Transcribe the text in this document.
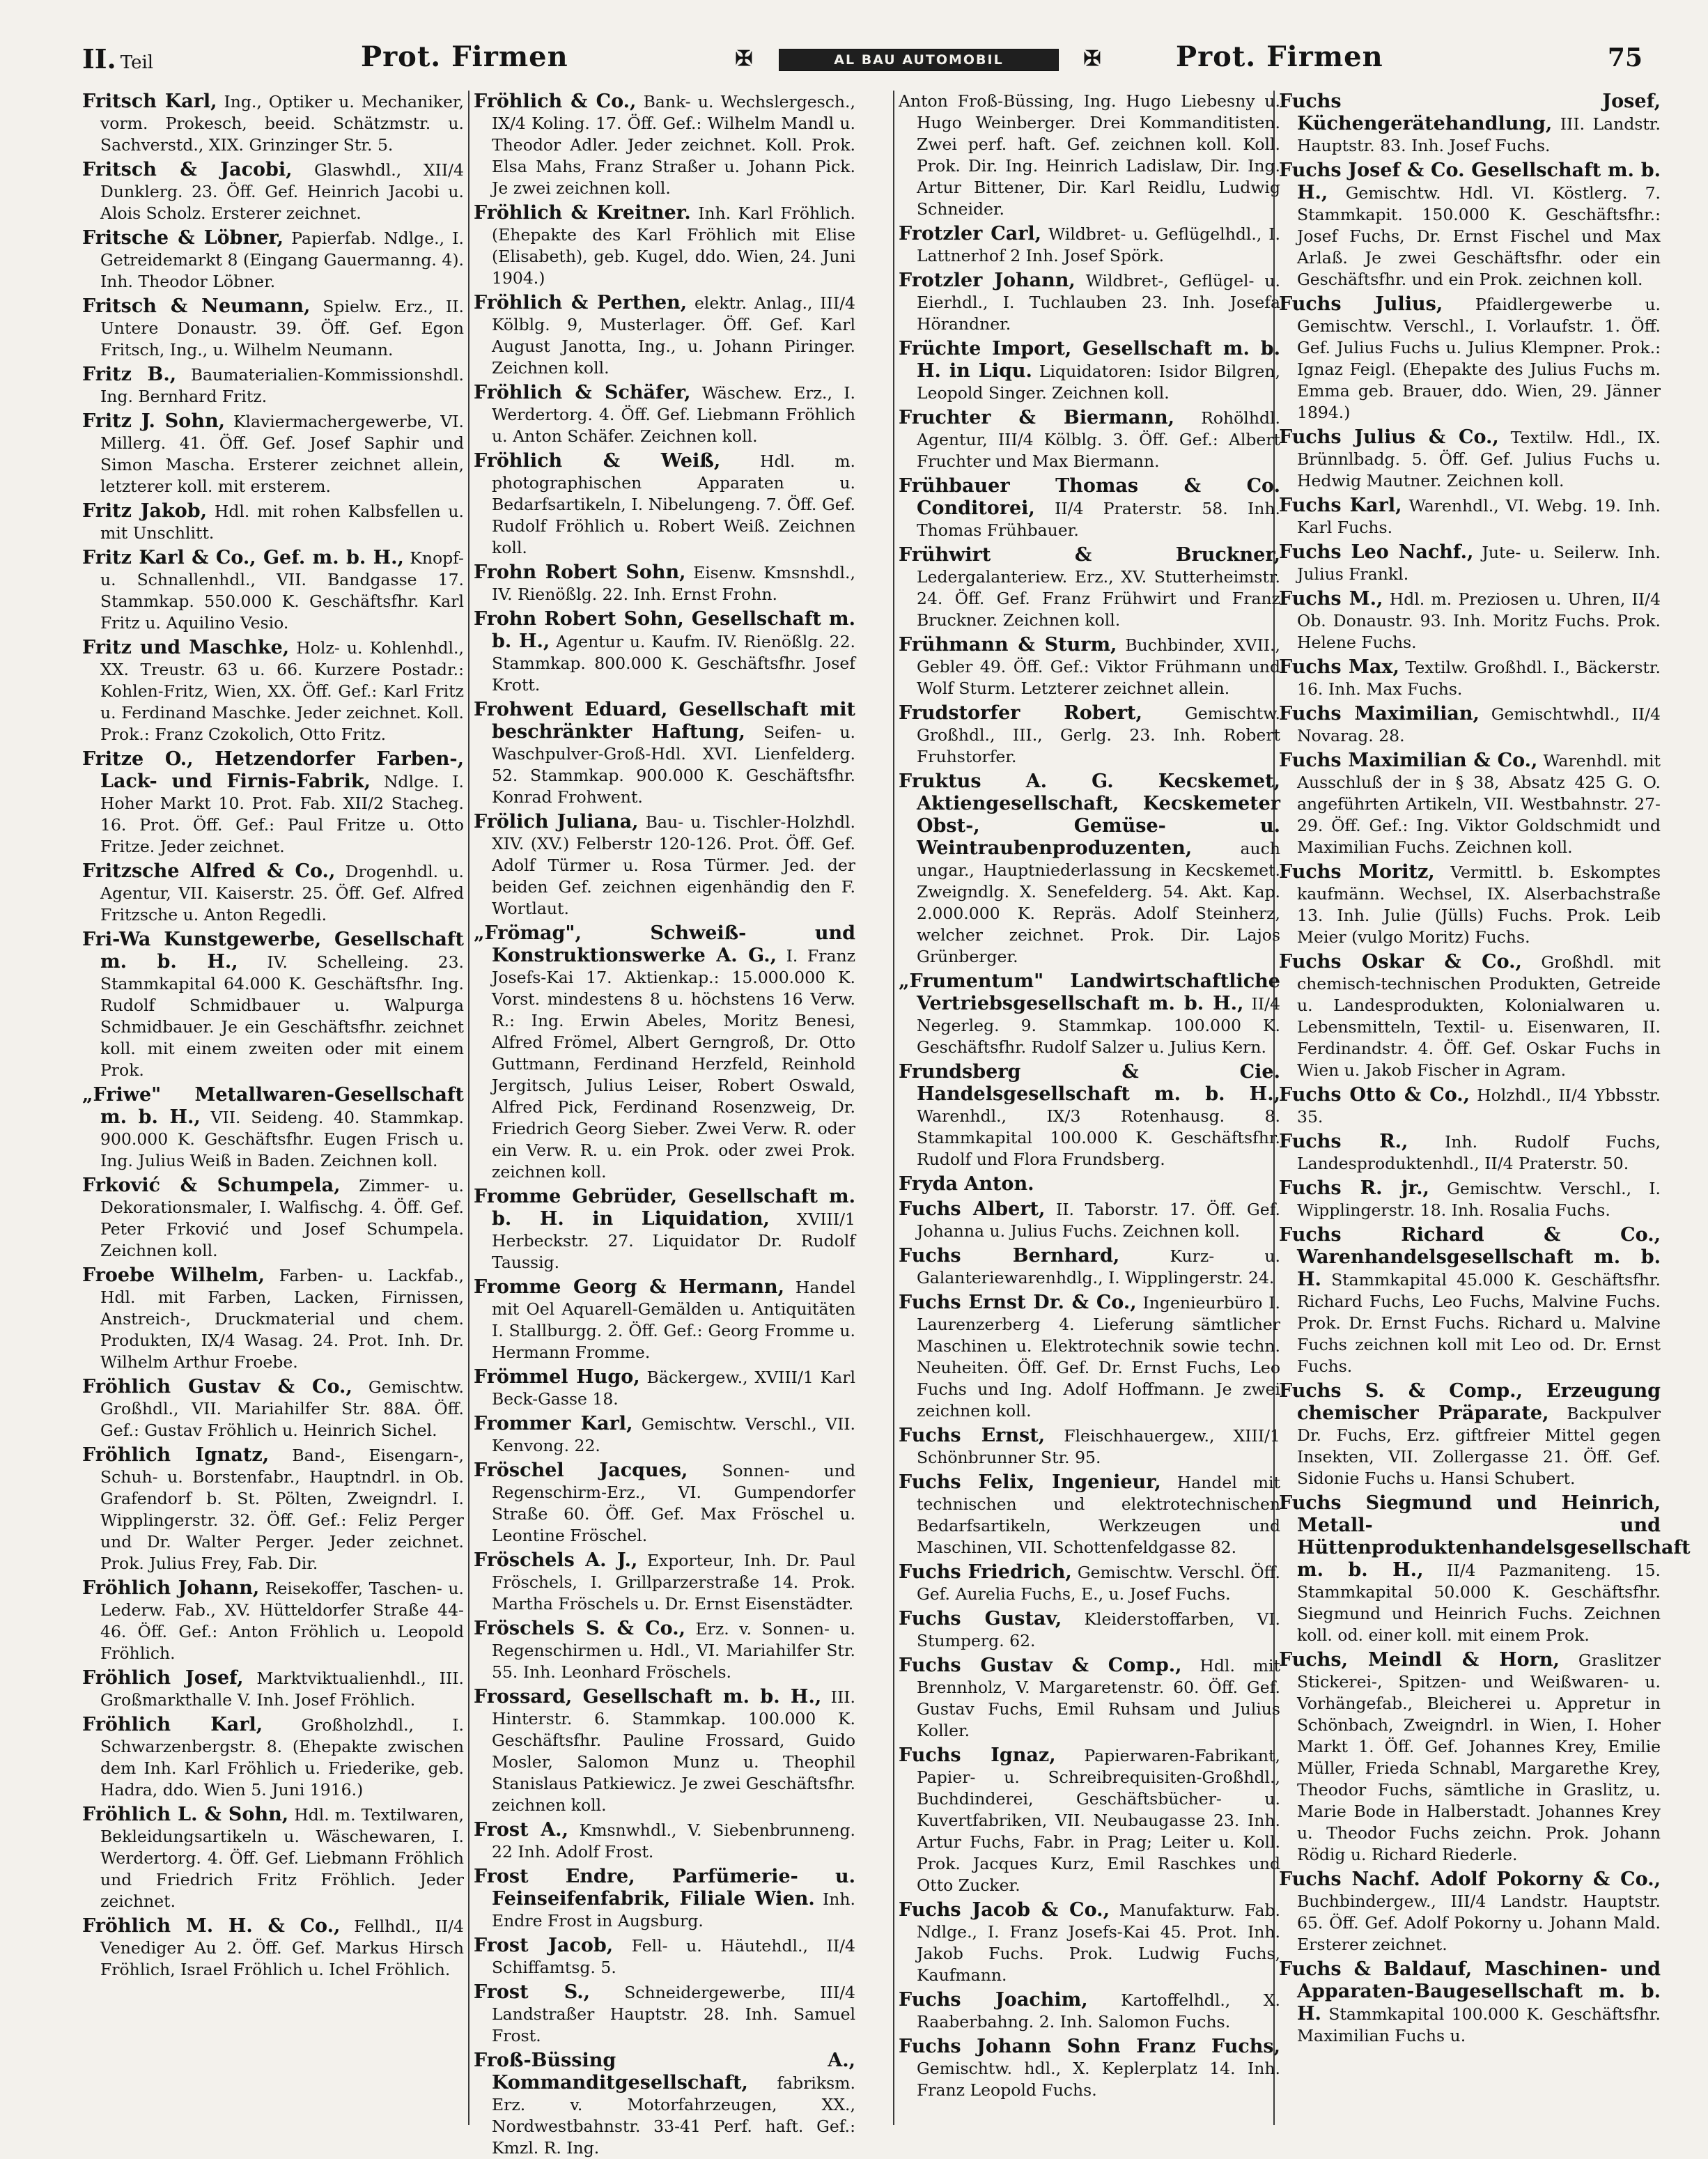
II. Teil	Prot. Firmen	✠	AL BAU AUTOMOBIL KAROSSERIEN
✠	Prot. Firmen	75

Fritsch Karl, Ing., Optiker u. Mechaniker, vorm. Prokesch, beeid. Schätzmstr. u. Sachverstd., XIX. Grinzinger Str. 5.

Fritsch & Jacobi, Glaswhdl., XII/4 Dunklerg. 23. Öff. Gef. Heinrich Jacobi u. Alois Scholz. Ersterer zeichnet.

Fritsche & Löbner, Papierfab. Ndlge., I. Getreidemarkt 8 (Eingang Gauermanng. 4). Inh. Theodor Löbner.

Fritsch & Neumann, Spielw. Erz., II. Untere Donaustr. 39. Öff. Gef. Egon Fritsch, Ing., u. Wilhelm Neumann.

Fritz B., Baumaterialien-Kommissionshdl. Ing. Bernhard Fritz.

Fritz J. Sohn, Klaviermachergewerbe, VI. Millerg. 41. Öff. Gef. Josef Saphir und Simon Mascha. Ersterer zeichnet allein, letzterer koll. mit ersterem.

Fritz Jakob, Hdl. mit rohen Kalbsfellen u. mit Unschlitt.

Fritz Karl & Co., Gef. m. b. H., Knopf- u. Schnallenhdl., VII. Bandgasse 17. Stammkap. 550.000 K. Geschäftsfhr. Karl Fritz u. Aquilino Vesio.

Fritz und Maschke, Holz- u. Kohlenhdl., XX. Treustr. 63 u. 66. Kurzere Postadr.: Kohlen-Fritz, Wien, XX. Öff. Gef.: Karl Fritz u. Ferdinand Maschke. Jeder zeichnet. Koll. Prok.: Franz Czokolich, Otto Fritz.

Fritze O., Hetzendorfer Farben-, Lack- und Firnis-Fabrik, Ndlge. I. Hoher Markt 10. Prot. Fab. XII/2 Stacheg. 16. Prot. Öff. Gef.: Paul Fritze u. Otto Fritze. Jeder zeichnet.

Fritzsche Alfred & Co., Drogenhdl. u. Agentur, VII. Kaiserstr. 25. Öff. Gef. Alfred Fritzsche u. Anton Regedli.

Fri-Wa Kunstgewerbe, Gesellschaft m. b. H., IV. Schelleing. 23. Stammkapital 64.000 K. Geschäftsfhr. Ing. Rudolf Schmidbauer u. Walpurga Schmidbauer. Je ein Geschäftsfhr. zeichnet koll. mit einem zweiten oder mit einem Prok.

„Friwe" Metallwaren-Gesellschaft m. b. H., VII. Seideng. 40. Stammkap. 900.000 K. Geschäftsfhr. Eugen Frisch u. Ing. Julius Weiß in Baden. Zeichnen koll.

Frković & Schumpela, Zimmer- u. Dekorationsmaler, I. Walfischg. 4. Öff. Gef. Peter Frković und Josef Schumpela. Zeichnen koll.

Froebe Wilhelm, Farben- u. Lackfab., Hdl. mit Farben, Lacken, Firnissen, Anstreich-, Druckmaterial und chem. Produkten, IX/4 Wasag. 24. Prot. Inh. Dr. Wilhelm Arthur Froebe.

Fröhlich Gustav & Co., Gemischtw. Großhdl., VII. Mariahilfer Str. 88A. Öff. Gef.: Gustav Fröhlich u. Heinrich Sichel.

Fröhlich Ignatz, Band-, Eisengarn-, Schuh- u. Borstenfabr., Hauptndrl. in Ob. Grafendorf b. St. Pölten, Zweigndrl. I. Wipplingerstr. 32. Öff. Gef.: Feliz Perger und Dr. Walter Perger. Jeder zeichnet. Prok. Julius Frey, Fab. Dir.

Fröhlich Johann, Reisekoffer, Taschen- u. Lederw. Fab., XV. Hütteldorfer Straße 44-46. Öff. Gef.: Anton Fröhlich u. Leopold Fröhlich.

Fröhlich Josef, Marktviktualienhdl., III. Großmarkthalle V. Inh. Josef Fröhlich.

Fröhlich Karl, Großholzhdl., I. Schwarzenbergstr. 8. (Ehepakte zwischen dem Inh. Karl Fröhlich u. Friederike, geb. Hadra, ddo. Wien 5. Juni 1916.)

Fröhlich L. & Sohn, Hdl. m. Textilwaren, Bekleidungsartikeln u. Wäschewaren, I. Werdertorg. 4. Öff. Gef. Liebmann Fröhlich und Friedrich Fritz Fröhlich. Jeder zeichnet.

Fröhlich M. H. & Co., Fellhdl., II/4 Venediger Au 2. Öff. Gef. Markus Hirsch Fröhlich, Israel Fröhlich u. Ichel Fröhlich.

Fröhlich & Co., Bank- u. Wechslergesch., IX/4 Koling. 17. Öff. Gef.: Wilhelm Mandl u. Theodor Adler. Jeder zeichnet. Koll. Prok. Elsa Mahs, Franz Straßer u. Johann Pick. Je zwei zeichnen koll.

Fröhlich & Kreitner. Inh. Karl Fröhlich. (Ehepakte des Karl Fröhlich mit Elise (Elisabeth), geb. Kugel, ddo. Wien, 24. Juni 1904.)

Fröhlich & Perthen, elektr. Anlag., III/4 Kölblg. 9, Musterlager. Öff. Gef. Karl August Janotta, Ing., u. Johann Piringer. Zeichnen koll.

Fröhlich & Schäfer, Wäschew. Erz., I. Werdertorg. 4. Öff. Gef. Liebmann Fröhlich u. Anton Schäfer. Zeichnen koll.

Fröhlich & Weiß, Hdl. m. photographischen Apparaten u. Bedarfsartikeln, I. Nibelungeng. 7. Öff. Gef. Rudolf Fröhlich u. Robert Weiß. Zeichnen koll.

Frohn Robert Sohn, Eisenw. Kmsnshdl., IV. Rienößlg. 22. Inh. Ernst Frohn.

Frohn Robert Sohn, Gesellschaft m. b. H., Agentur u. Kaufm. IV. Rienößlg. 22. Stammkap. 800.000 K. Geschäftsfhr. Josef Krott.

Frohwent Eduard, Gesellschaft mit beschränkter Haftung, Seifen- u. Waschpulver-Groß-Hdl. XVI. Lienfelderg. 52. Stammkap. 900.000 K. Geschäftsfhr. Konrad Frohwent.

Frölich Juliana, Bau- u. Tischler-Holzhdl. XIV. (XV.) Felberstr 120-126. Prot. Öff. Gef. Adolf Türmer u. Rosa Türmer. Jed. der beiden Gef. zeichnen eigenhändig den F. Wortlaut.

„Frömag", Schweiß- und Konstruktionswerke A. G., I. Franz Josefs-Kai 17. Aktienkap.: 15.000.000 K. Vorst. mindestens 8 u. höchstens 16 Verw. R.: Ing. Erwin Abeles, Moritz Benesi, Alfred Frömel, Albert Gerngroß, Dr. Otto Guttmann, Ferdinand Herzfeld, Reinhold Jergitsch, Julius Leiser, Robert Oswald, Alfred Pick, Ferdinand Rosenzweig, Dr. Friedrich Georg Sieber. Zwei Verw. R. oder ein Verw. R. u. ein Prok. oder zwei Prok. zeichnen koll.

Fromme Gebrüder, Gesellschaft m. b. H. in Liquidation, XVIII/1 Herbeckstr. 27. Liquidator Dr. Rudolf Taussig.

Fromme Georg & Hermann, Handel mit Oel Aquarell-Gemälden u. Antiquitäten I. Stallburgg. 2. Öff. Gef.: Georg Fromme u. Hermann Fromme.

Frömmel Hugo, Bäckergew., XVIII/1 Karl Beck-Gasse 18.

Frommer Karl, Gemischtw. Verschl., VII. Kenvong. 22.

Fröschel Jacques, Sonnen- und Regenschirm-Erz., VI. Gumpendorfer Straße 60. Öff. Gef. Max Fröschel u. Leontine Fröschel.

Fröschels A. J., Exporteur, Inh. Dr. Paul Fröschels, I. Grillparzerstraße 14. Prok. Martha Fröschels u. Dr. Ernst Eisenstädter.

Fröschels S. & Co., Erz. v. Sonnen- u. Regenschirmen u. Hdl., VI. Mariahilfer Str. 55. Inh. Leonhard Fröschels.

Frossard, Gesellschaft m. b. H., III. Hinterstr. 6. Stammkap. 100.000 K. Geschäftsfhr. Pauline Frossard, Guido Mosler, Salomon Munz u. Theophil Stanislaus Patkiewicz. Je zwei Geschäftsfhr. zeichnen koll.

Frost A., Kmsnwhdl., V. Siebenbrunneng. 22 Inh. Adolf Frost.

Frost Endre, Parfümerie- u. Feinseifenfabrik, Filiale Wien. Inh. Endre Frost in Augsburg.

Frost Jacob, Fell- u. Häutehdl., II/4 Schiffamtsg. 5.

Frost S., Schneidergewerbe, III/4 Landstraßer Hauptstr. 28. Inh. Samuel Frost.

Froß-Büssing A., Kommanditgesellschaft, fabriksm. Erz. v. Motorfahrzeugen, XX., Nordwestbahnstr. 33-41 Perf. haft. Gef.: Kmzl. R. Ing.

Anton Froß-Büssing, Ing. Hugo Liebesny u. Hugo Weinberger. Drei Kommanditisten. Zwei perf. haft. Gef. zeichnen koll. Koll. Prok. Dir. Ing. Heinrich Ladislaw, Dir. Ing. Artur Bittener, Dir. Karl Reidlu, Ludwig Schneider.

Frotzler Carl, Wildbret- u. Geflügelhdl., I. Lattnerhof 2 Inh. Josef Spörk.

Frotzler Johann, Wildbret-, Geflügel- u. Eierhdl., I. Tuchlauben 23. Inh. Josefa Hörandner.

Früchte Import, Gesellschaft m. b. H. in Liqu. Liquidatoren: Isidor Bilgren, Leopold Singer. Zeichnen koll.

Fruchter & Biermann, Rohölhdl. Agentur, III/4 Kölblg. 3. Öff. Gef.: Albert Fruchter und Max Biermann.

Frühbauer Thomas & Co. Conditorei, II/4 Praterstr. 58. Inh. Thomas Frühbauer.

Frühwirt & Bruckner, Ledergalanteriew. Erz., XV. Stutterheimstr. 24. Öff. Gef. Franz Frühwirt und Franz Bruckner. Zeichnen koll.

Frühmann & Sturm, Buchbinder, XVII., Gebler 49. Öff. Gef.: Viktor Frühmann und Wolf Sturm. Letzterer zeichnet allein.

Frudstorfer Robert,	Gemischtw. Großhdl., III., Gerlg. 23. Inh. Robert Fruhstorfer.

Fruktus A. G. Kecskemet, Aktiengesellschaft, Kecskemeter Obst-, Gemüse- u. Weintraubenproduzenten,	auch ungar., Hauptniederlassung in Kecskemet. Zweigndlg. X. Senefelderg. 54. Akt. Kap. 2.000.000 K. Repräs. Adolf Steinherz, welcher zeichnet. Prok. Dir. Lajos Grünberger.

„Frumentum" Landwirtschaftliche Vertriebsgesellschaft m. b. H., II/4 Negerleg. 9. Stammkap. 100.000 K. Geschäftsfhr. Rudolf Salzer u. Julius Kern.

Frundsberg & Cie. Handelsgesellschaft m. b. H., Warenhdl., IX/3 Rotenhausg. 8. Stammkapital 100.000 K. Geschäftsfhr. Rudolf und Flora Frundsberg.

Fryda Anton.

Fuchs Albert, II. Taborstr. 17. Öff. Gef. Johanna u. Julius Fuchs. Zeichnen koll.

Fuchs Bernhard,	Kurz- u. Galanteriewarenhdlg., I. Wipplingerstr. 24.

Fuchs Ernst Dr. & Co., Ingenieurbüro I. Laurenzerberg 4. Lieferung sämtlicher Maschinen u. Elektrotechnik sowie techn. Neuheiten. Öff. Gef. Dr. Ernst Fuchs, Leo Fuchs und Ing. Adolf Hoffmann. Je zwei zeichnen koll.

Fuchs Ernst, Fleischhauergew., XIII/1 Schönbrunner Str. 95.

Fuchs Felix, Ingenieur, Handel mit technischen und elektrotechnischen Bedarfsartikeln, Werkzeugen und Maschinen, VII. Schottenfeldgasse 82.

Fuchs Friedrich, Gemischtw. Verschl. Öff. Gef. Aurelia Fuchs, E., u. Josef Fuchs.

Fuchs Gustav, Kleiderstoffarben, VI. Stumperg. 62.

Fuchs Gustav & Comp., Hdl. mit Brennholz, V. Margaretenstr. 60. Öff. Gef. Gustav Fuchs, Emil Ruhsam und Julius Koller.

Fuchs Ignaz, Papierwaren-Fabrikant, Papier- u. Schreibrequisiten-Großhdl., Buchdinderei, Geschäftsbücher- u. Kuvertfabriken, VII. Neubaugasse 23. Inh. Artur Fuchs, Fabr. in Prag; Leiter u. Koll. Prok. Jacques Kurz, Emil Raschkes und Otto Zucker.

Fuchs Jacob & Co., Manufakturw. Fab. Ndlge., I. Franz Josefs-Kai 45. Prot. Inh. Jakob Fuchs. Prok. Ludwig Fuchs, Kaufmann.

Fuchs Joachim, Kartoffelhdl., X. Raaberbahng. 2. Inh. Salomon Fuchs.

Fuchs Johann Sohn Franz Fuchs, Gemischtw. hdl., X. Keplerplatz 14. Inh. Franz Leopold Fuchs.

Fuchs Josef, Küchengerätehandlung, III. Landstr. Hauptstr. 83. Inh. Josef Fuchs.

Fuchs Josef & Co. Gesellschaft m. b. H., Gemischtw. Hdl. VI. Köstlerg. 7. Stammkapit. 150.000 K. Geschäftsfhr.: Josef Fuchs, Dr. Ernst Fischel und Max Arlaß. Je zwei Geschäftsfhr. oder ein Geschäftsfhr. und ein Prok. zeichnen koll.

Fuchs Julius, Pfaidlergewerbe u. Gemischtw. Verschl., I. Vorlaufstr. 1. Öff. Gef. Julius Fuchs u. Julius Klempner. Prok.: Ignaz Feigl. (Ehepakte des Julius Fuchs m. Emma geb. Brauer, ddo. Wien, 29. Jänner 1894.)

Fuchs Julius & Co., Textilw. Hdl., IX. Brünnlbadg. 5. Öff. Gef. Julius Fuchs u. Hedwig Mautner. Zeichnen koll.

Fuchs Karl, Warenhdl., VI. Webg. 19. Inh. Karl Fuchs.

Fuchs Leo Nachf., Jute- u. Seilerw. Inh. Julius Frankl.

Fuchs M., Hdl. m. Preziosen u. Uhren, II/4 Ob. Donaustr. 93. Inh. Moritz Fuchs. Prok. Helene Fuchs.

Fuchs Max, Textilw. Großhdl. I., Bäckerstr. 16. Inh. Max Fuchs.

Fuchs Maximilian, Gemischtwhdl., II/4 Novarag. 28.

Fuchs Maximilian & Co., Warenhdl. mit Ausschluß der in § 38, Absatz 425 G. O. angeführten Artikeln, VII. Westbahnstr. 27-29. Öff. Gef.: Ing. Viktor Goldschmidt und Maximilian Fuchs. Zeichnen koll.

Fuchs Moritz, Vermittl. b. Eskomptes kaufmänn. Wechsel, IX. Alserbachstraße 13. Inh. Julie (Jülls) Fuchs. Prok. Leib Meier (vulgo Moritz) Fuchs.

Fuchs Oskar & Co., Großhdl. mit chemisch-technischen Produkten, Getreide u. Landesprodukten, Kolonialwaren u. Lebensmitteln, Textil- u. Eisenwaren, II. Ferdinandstr. 4. Öff. Gef. Oskar Fuchs in Wien u. Jakob Fischer in Agram.

Fuchs Otto & Co., Holzhdl., II/4 Ybbsstr. 35.

Fuchs R., Inh. Rudolf Fuchs, Landesproduktenhdl., II/4 Praterstr. 50.

Fuchs R. jr., Gemischtw. Verschl., I. Wipplingerstr. 18. Inh. Rosalia Fuchs.

Fuchs Richard & Co., Warenhandelsgesellschaft m. b. H. Stammkapital 45.000 K. Geschäftsfhr. Richard Fuchs, Leo Fuchs, Malvine Fuchs. Prok. Dr. Ernst Fuchs. Richard u. Malvine Fuchs zeichnen koll mit Leo od. Dr. Ernst Fuchs.

Fuchs S. & Comp., Erzeugung chemischer Präparate, Backpulver Dr. Fuchs, Erz. giftfreier Mittel gegen Insekten, VII. Zollergasse 21. Öff. Gef. Sidonie Fuchs u. Hansi Schubert.

Fuchs Siegmund und Heinrich, Metall- und Hüttenproduktenhandelsgesellschaft m. b. H., II/4 Pazmaniteng. 15. Stammkapital 50.000 K. Geschäftsfhr. Siegmund und Heinrich Fuchs. Zeichnen koll. od. einer koll. mit einem Prok.

Fuchs, Meindl & Horn, Graslitzer Stickerei-, Spitzen- und Weißwaren- u. Vorhängefab., Bleicherei u. Appretur in Schönbach, Zweigndrl. in Wien, I. Hoher Markt 1. Öff. Gef. Johannes Krey, Emilie Müller, Frieda Schnabl, Margarethe Krey, Theodor Fuchs, sämtliche in Graslitz, u. Marie Bode in Halberstadt. Johannes Krey u. Theodor Fuchs zeichn. Prok. Johann Rödig u. Richard Riederle.

Fuchs Nachf. Adolf Pokorny & Co., Buchbindergew., III/4 Landstr. Hauptstr. 65. Öff. Gef. Adolf Pokorny u. Johann Mald. Ersterer zeichnet.

Fuchs & Baldauf, Maschinen- und Apparaten-Baugesellschaft m. b. H. Stammkapital 100.000 K. Geschäftsfhr. Maximilian Fuchs u.
